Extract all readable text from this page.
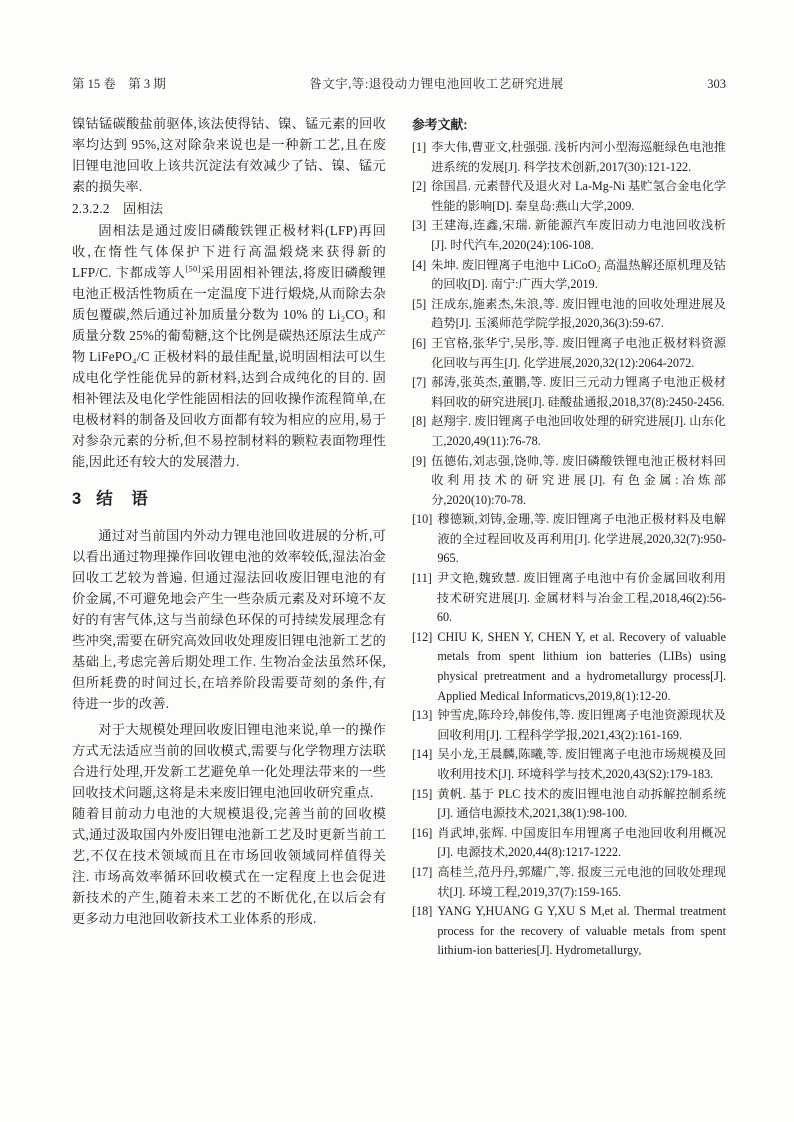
第 15 卷　第 3 期	昝文宇,等:退役动力锂电池回收工艺研究进展	303

镍钴锰碳酸盐前驱体,该法使得钴、镍、锰元素的回收率均达到 95%,这对除杂来说也是一种新工艺,且在废旧锂电池回收上该共沉淀法有效减少了钴、镍、锰元素的损失率.

2.3.2.2　固相法

固相法是通过废旧磷酸铁锂正极材料(LFP)再回收,在惰性气体保护下进行高温煅烧来获得新的 LFP/C. 卞都成等人[50]采用固相补锂法,将废旧磷酸锂电池正极活性物质在一定温度下进行煅烧,从而除去杂质包覆碳,然后通过补加质量分数为 10% 的 Li₂CO₃ 和质量分数 25%的葡萄糖,这个比例是碳热还原法生成产物 LiFePO₄/C 正极材料的最佳配量,说明固相法可以生成电化学性能优异的新材料,达到合成纯化的目的. 固相补锂法及电化学性能固相法的回收操作流程简单,在电极材料的制备及回收方面都有较为相应的应用,易于对参杂元素的分析,但不易控制材料的颗粒表面物理性能,因此还有较大的发展潜力.

3 结　语

通过对当前国内外动力锂电池回收进展的分析,可以看出通过物理操作回收锂电池的效率较低,湿法冶金回收工艺较为普遍. 但通过湿法回收废旧锂电池的有价金属,不可避免地会产生一些杂质元素及对环境不友好的有害气体,这与当前绿色环保的可持续发展理念有些冲突,需要在研究高效回收处理废旧锂电池新工艺的基础上,考虑完善后期处理工作. 生物冶金法虽然环保,但所耗费的时间过长,在培养阶段需要苛刻的条件,有待进一步的改善.

对于大规模处理回收废旧锂电池来说,单一的操作方式无法适应当前的回收模式,需要与化学物理方法联合进行处理,开发新工艺避免单一化处理法带来的一些回收技术问题,这将是未来废旧锂电池回收研究重点.

随着目前动力电池的大规模退役,完善当前的回收模式,通过汲取国内外废旧锂电池新工艺及时更新当前工艺,不仅在技术领域而且在市场回收领域同样值得关注. 市场高效率循环回收模式在一定程度上也会促进新技术的产生,随着未来工艺的不断优化,在以后会有更多动力电池回收新技术工业体系的形成.

参考文献:
[1] 李大伟,曹亚文,杜强强. 浅析内河小型海巡艇绿色电池推进系统的发展[J]. 科学技术创新,2017(30):121-122.
[2] 徐国昌. 元素替代及退火对 La-Mg-Ni 基贮氢合金电化学性能的影响[D]. 秦皇岛:燕山大学,2009.
[3] 王建海,连鑫,宋瑞. 新能源汽车废旧动力电池回收浅析[J]. 时代汽车,2020(24):106-108.
[4] 朱坤. 废旧锂离子电池中 LiCoO₂ 高温热解还原机理及钴的回收[D]. 南宁:广西大学,2019.
[5] 汪成东,施素杰,朱浪,等. 废旧锂电池的回收处理进展及趋势[J]. 玉溪师范学院学报,2020,36(3):59-67.
[6] 王官格,张华宁,吴彤,等. 废旧锂离子电池正极材料资源化回收与再生[J]. 化学进展,2020,32(12):2064-2072.
[7] 郝涛,张英杰,董鹏,等. 废旧三元动力锂离子电池正极材料回收的研究进展[J]. 硅酸盐通报,2018,37(8):2450-2456.
[8] 赵翔宇. 废旧锂离子电池回收处理的研究进展[J]. 山东化工,2020,49(11):76-78.
[9] 伍德佑,刘志强,饶帅,等. 废旧磷酸铁锂电池正极材料回收利用技术的研究进展[J]. 有色金属:冶炼部分,2020(10):70-78.
[10] 穆德颖,刘铸,金珊,等. 废旧锂离子电池正极材料及电解液的全过程回收及再利用[J]. 化学进展,2020,32(7):950-965.
[11] 尹文艳,魏致慧. 废旧锂离子电池中有价金属回收利用技术研究进展[J]. 金属材料与冶金工程,2018,46(2):56-60.
[12] CHIU K, SHEN Y, CHEN Y, et al. Recovery of valuable metals from spent lithium ion batteries (LIBs) using physical pretreatment and a hydrometallurgy process[J]. Applied Medical Informaticvs,2019,8(1):12-20.
[13] 钟雪虎,陈玲玲,韩俊伟,等. 废旧锂离子电池资源现状及回收利用[J]. 工程科学学报,2021,43(2):161-169.
[14] 吴小龙,王晨麟,陈曦,等. 废旧锂离子电池市场规模及回收利用技术[J]. 环境科学与技术,2020,43(S2):179-183.
[15] 黄帆. 基于 PLC 技术的废旧锂电池自动拆解控制系统[J]. 通信电源技术,2021,38(1):98-100.
[16] 肖武坤,张辉. 中国废旧车用锂离子电池回收利用概况[J]. 电源技术,2020,44(8):1217-1222.
[17] 高桂兰,范丹丹,郭耀广,等. 报废三元电池的回收处理现状[J]. 环境工程,2019,37(7):159-165.
[18] YANG Y,HUANG G Y,XU S M,et al. Thermal treatment process for the recovery of valuable metals from spent lithium-ion batteries[J]. Hydrometallurgy,
